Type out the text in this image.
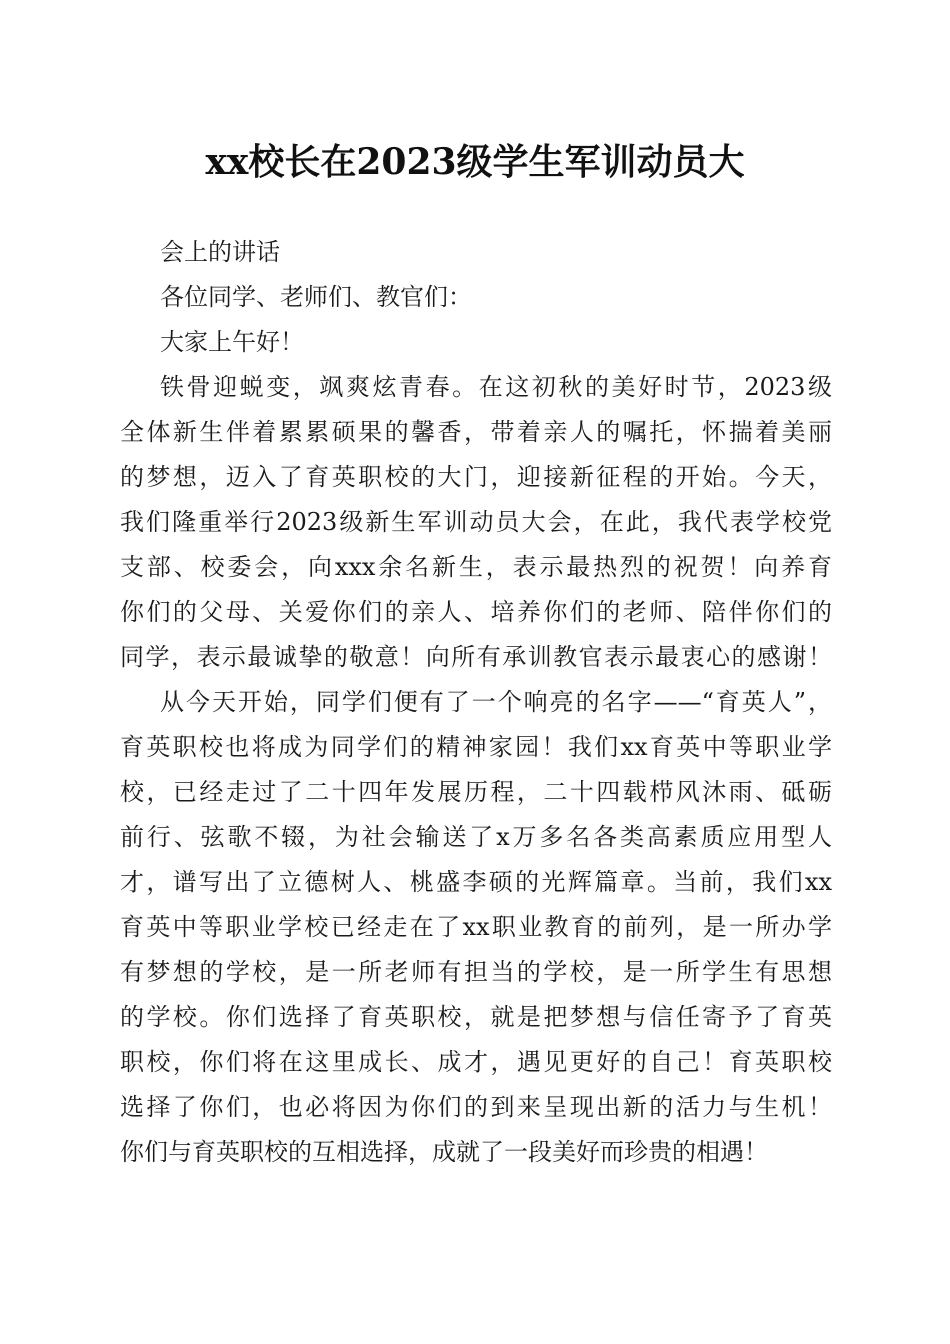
xx校长在2023级学生军训动员大
会上的讲话
各位同学、老师们、教官们：
大家上午好！
铁骨迎蜕变，飒爽炫青春。在这初秋的美好时节，2023级
全体新生伴着累累硕果的馨香，带着亲人的嘱托，怀揣着美丽
的梦想，迈入了育英职校的大门，迎接新征程的开始。今天，
我们隆重举行2023级新生军训动员大会，在此，我代表学校党
支部、校委会，向xxx余名新生，表示最热烈的祝贺！向养育
你们的父母、关爱你们的亲人、培养你们的老师、陪伴你们的
同学，表示最诚挚的敬意！向所有承训教官表示最衷心的感谢！
从今天开始，同学们便有了一个响亮的名字——“育英人”，
育英职校也将成为同学们的精神家园！我们xx育英中等职业学
校，已经走过了二十四年发展历程，二十四载栉风沐雨、砥砺
前行、弦歌不辍，为社会输送了x万多名各类高素质应用型人
才，谱写出了立德树人、桃盛李硕的光辉篇章。当前，我们xx
育英中等职业学校已经走在了xx职业教育的前列，是一所办学
有梦想的学校，是一所老师有担当的学校，是一所学生有思想
的学校。你们选择了育英职校，就是把梦想与信任寄予了育英
职校，你们将在这里成长、成才，遇见更好的自己！育英职校
选择了你们，也必将因为你们的到来呈现出新的活力与生机！
你们与育英职校的互相选择，成就了一段美好而珍贵的相遇！
